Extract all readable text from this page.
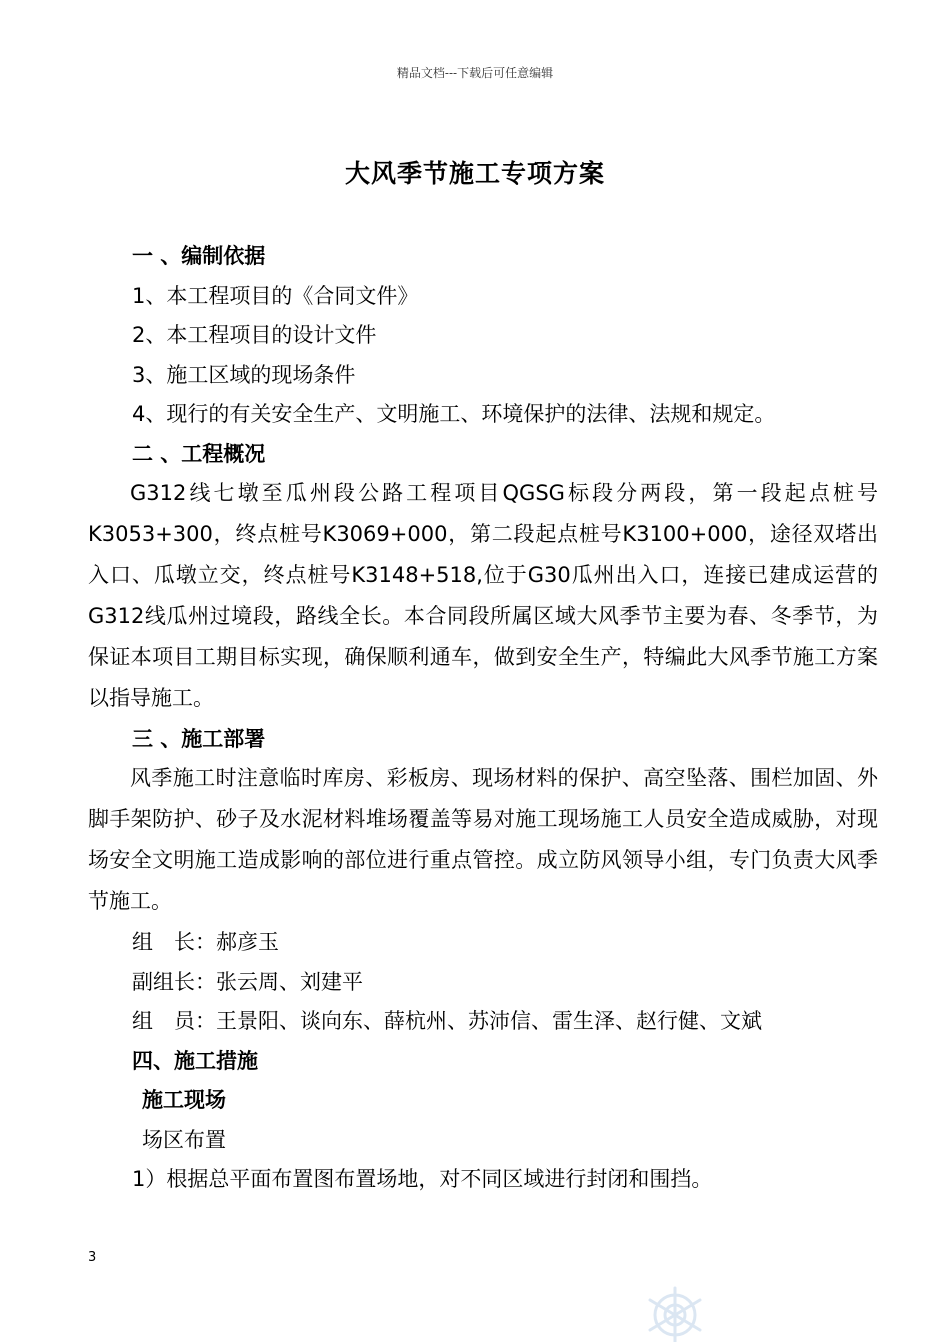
精品文档---下载后可任意编辑
大风季节施工专项方案
一 、编制依据
1、本工程项目的《合同文件》
2、本工程项目的设计文件
3、施工区域的现场条件
4、现行的有关安全生产、文明施工、环境保护的法律、法规和规定。
二 、工程概况
G312线七墩至瓜州段公路工程项目QGSG标段分两段，第一段起点桩号K3053+300，终点桩号K3069+000，第二段起点桩号K3100+000，途径双塔出入口、瓜墩立交，终点桩号K3148+518,位于G30瓜州出入口，连接已建成运营的G312线瓜州过境段，路线全长。本合同段所属区域大风季节主要为春、冬季节，为保证本项目工期目标实现，确保顺利通车，做到安全生产，特编此大风季节施工方案以指导施工。
三 、施工部署
风季施工时注意临时库房、彩板房、现场材料的保护、高空坠落、围栏加固、外脚手架防护、砂子及水泥材料堆场覆盖等易对施工现场施工人员安全造成威胁，对现场安全文明施工造成影响的部位进行重点管控。成立防风领导小组，专门负责大风季节施工。
组　长：郝彦玉
副组长：张云周、刘建平
组　员：王景阳、谈向东、薛杭州、苏沛信、雷生泽、赵行健、文斌
四、施工措施
施工现场
场区布置
1）根据总平面布置图布置场地，对不同区域进行封闭和围挡。
3
